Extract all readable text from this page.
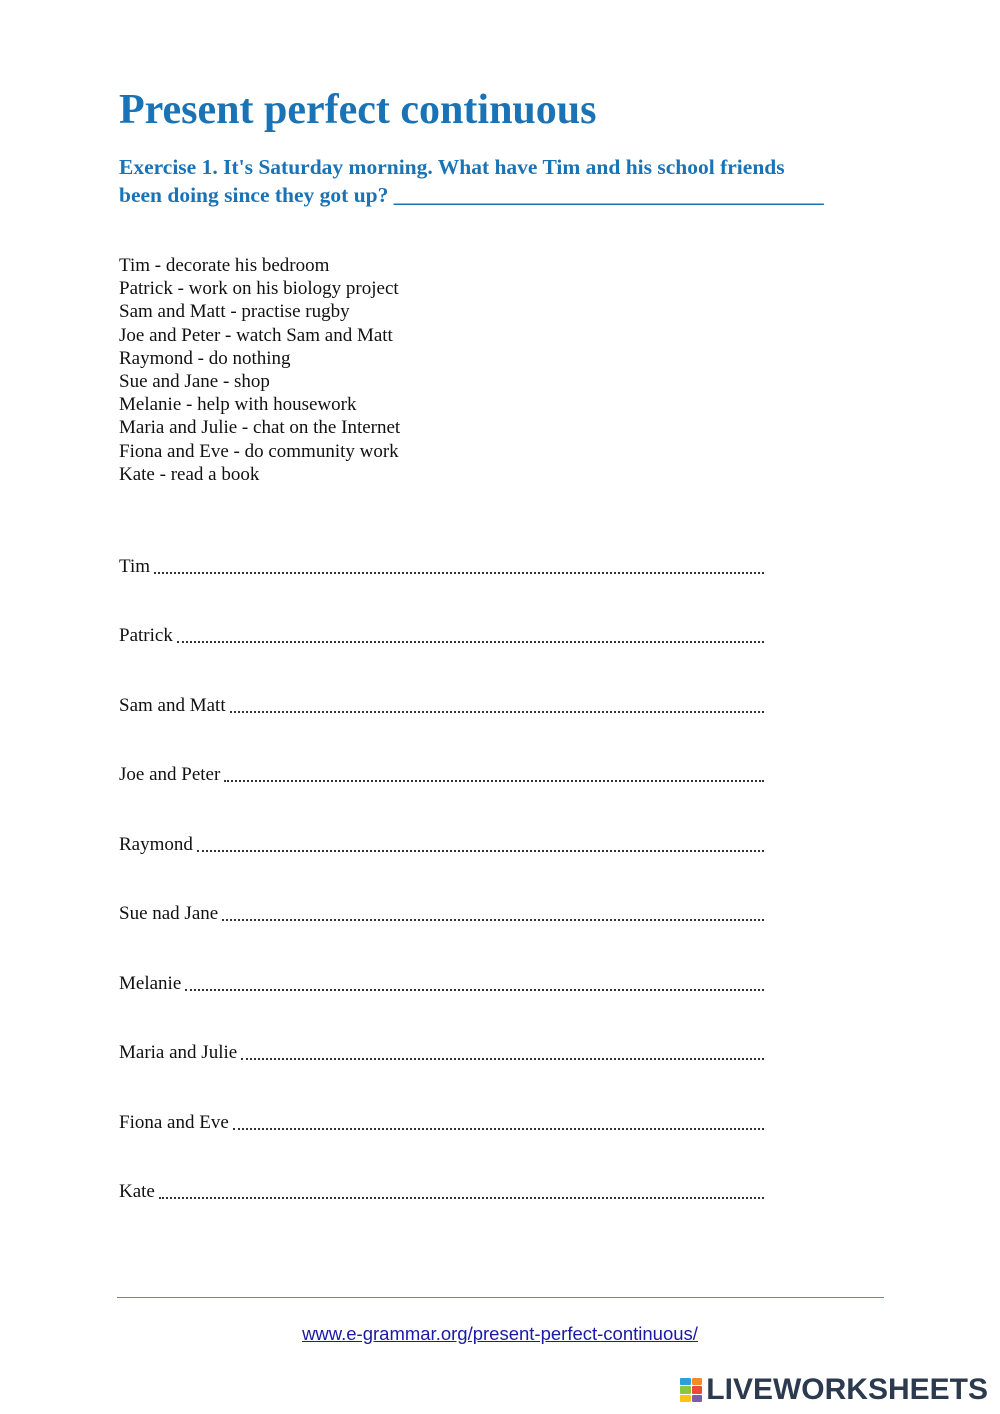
Present perfect continuous

Exercise 1. It's Saturday morning. What have Tim and his school friends
been doing since they got up? ________________________________________

Tim - decorate his bedroom
Patrick - work on his biology project
Sam and Matt - practise rugby
Joe and Peter - watch Sam and Matt
Raymond - do nothing
Sue and Jane - shop
Melanie - help with housework
Maria and Julie - chat on the Internet
Fiona and Eve - do community work
Kate - read a book
Tim
Patrick
Sam and Matt
Joe and Peter
Raymond
Sue nad Jane
Melanie
Maria and Julie
Fiona and Eve
Kate
www.e-grammar.org/present-perfect-continuous/
LIVEWORKSHEETS
